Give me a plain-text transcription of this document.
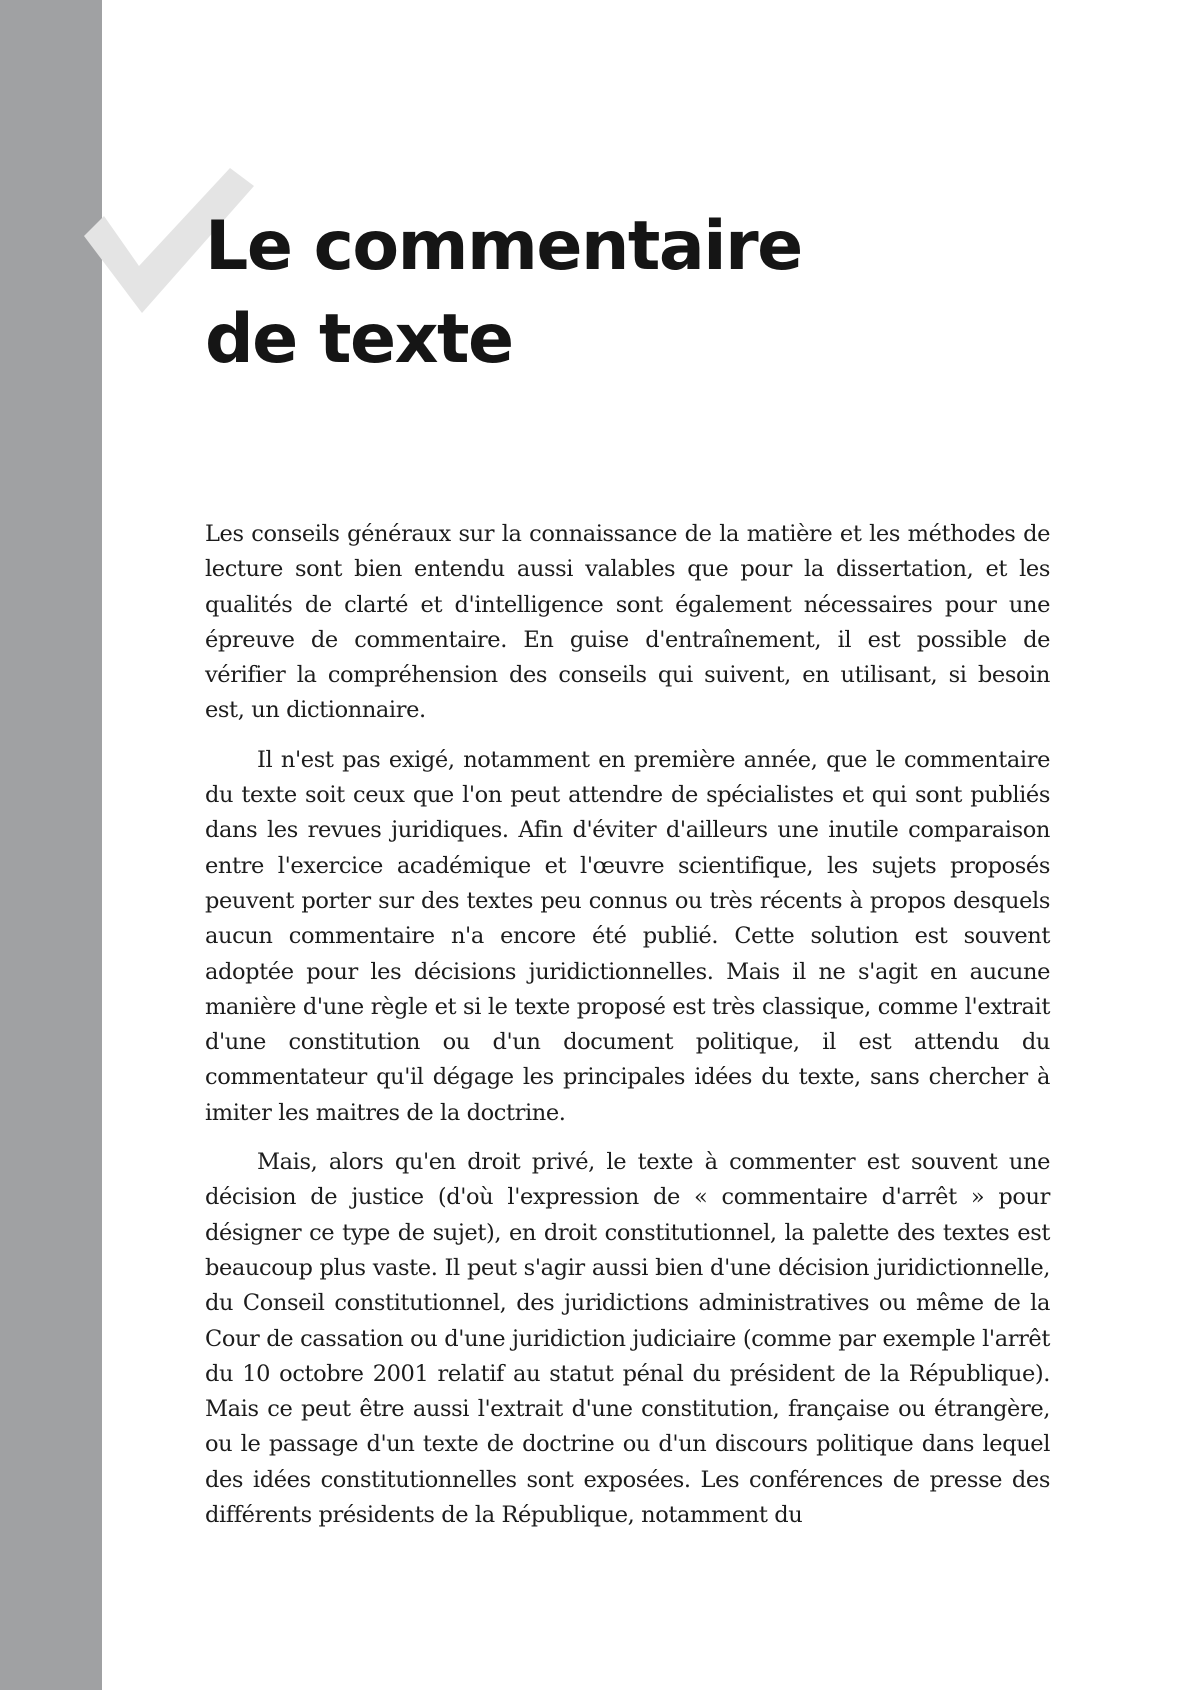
Le commentaire
de texte

Les conseils généraux sur la connaissance de la matière et les méthodes de lecture sont bien entendu aussi valables que pour la dissertation, et les qualités de clarté et d'intelligence sont également nécessaires pour une épreuve de commentaire. En guise d'entraînement, il est possible de vérifier la compréhension des conseils qui suivent, en utilisant, si besoin est, un dictionnaire.

Il n'est pas exigé, notamment en première année, que le commentaire du texte soit ceux que l'on peut attendre de spécialistes et qui sont publiés dans les revues juridiques. Afin d'éviter d'ailleurs une inutile comparaison entre l'exercice académique et l'œuvre scientifique, les sujets proposés peuvent porter sur des textes peu connus ou très récents à propos desquels aucun commentaire n'a encore été publié. Cette solution est souvent adoptée pour les décisions juridictionnelles. Mais il ne s'agit en aucune manière d'une règle et si le texte proposé est très classique, comme l'extrait d'une constitution ou d'un document politique, il est attendu du commentateur qu'il dégage les principales idées du texte, sans chercher à imiter les maitres de la doctrine.

Mais, alors qu'en droit privé, le texte à commenter est souvent une décision de justice (d'où l'expression de « commentaire d'arrêt » pour désigner ce type de sujet), en droit constitutionnel, la palette des textes est beaucoup plus vaste. Il peut s'agir aussi bien d'une décision juridictionnelle, du Conseil constitutionnel, des juridictions administratives ou même de la Cour de cassation ou d'une juridiction judiciaire (comme par exemple l'arrêt du 10 octobre 2001 relatif au statut pénal du président de la République). Mais ce peut être aussi l'extrait d'une constitution, française ou étrangère, ou le passage d'un texte de doctrine ou d'un discours politique dans lequel des idées constitutionnelles sont exposées. Les conférences de presse des différents présidents de la République, notamment du
